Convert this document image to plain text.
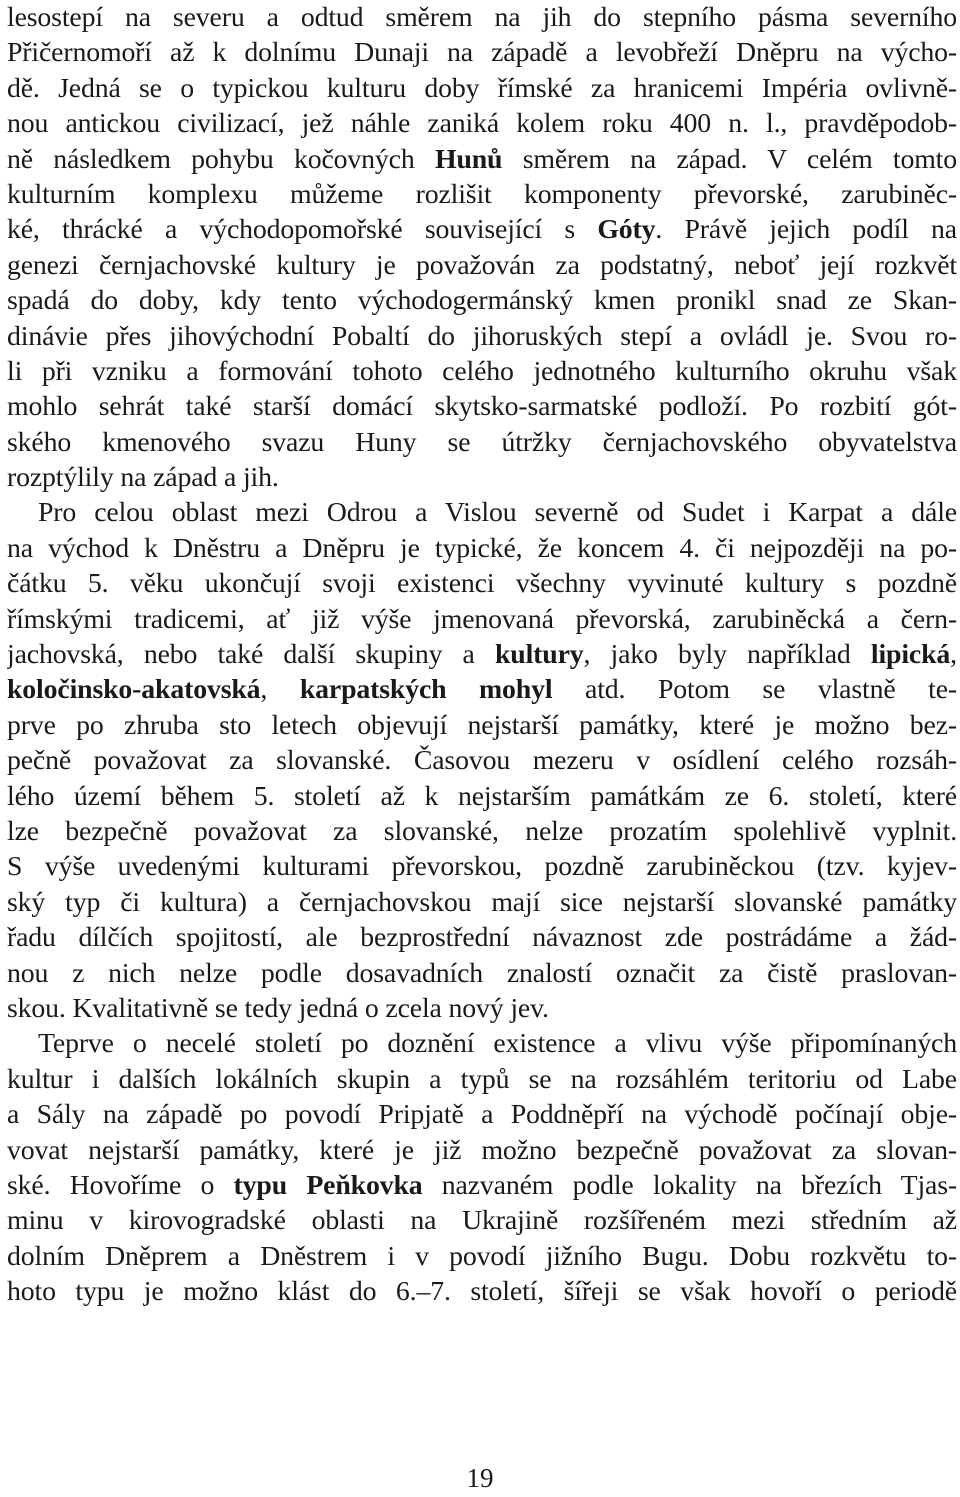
lesostepí na severu a odtud směrem na jih do stepního pásma severního
Přičernomoří až k dolnímu Dunaji na západě a levobřeží Dněpru na výcho-
dě. Jedná se o typickou kulturu doby římské za hranicemi Impéria ovlivně-
nou antickou civilizací, jež náhle zaniká kolem roku 400 n. l., pravděpodob-
ně následkem pohybu kočovných Hunů směrem na západ. V celém tomto
kulturním komplexu můžeme rozlišit komponenty převorské, zarubiněc-
ké, thrácké a východopomořské související s Góty. Právě jejich podíl na
genezi černjachovské kultury je považován za podstatný, neboť její rozkvět
spadá do doby, kdy tento východogermánský kmen pronikl snad ze Skan-
dinávie přes jihovýchodní Pobaltí do jihoruských stepí a ovládl je. Svou ro-
li při vzniku a formování tohoto celého jednotného kulturního okruhu však
mohlo sehrát také starší domácí skytsko-sarmatské podloží. Po rozbití gót-
ského kmenového svazu Huny se útržky černjachovského obyvatelstva
rozptýlily na západ a jih.
Pro celou oblast mezi Odrou a Vislou severně od Sudet i Karpat a dále
na východ k Dněstru a Dněpru je typické, že koncem 4. či nejpozději na po-
čátku 5. věku ukončují svoji existenci všechny vyvinuté kultury s pozdně
římskými tradicemi, ať již výše jmenovaná převorská, zarubiněcká a čern-
jachovská, nebo také další skupiny a kultury, jako byly například lipická,
koločinsko-akatovská, karpatských mohyl atd. Potom se vlastně te-
prve po zhruba sto letech objevují nejstarší památky, které je možno bez-
pečně považovat za slovanské. Časovou mezeru v osídlení celého rozsáh-
lého území během 5. století až k nejstarším památkám ze 6. století, které
lze bezpečně považovat za slovanské, nelze prozatím spolehlivě vyplnit.
S výše uvedenými kulturami převorskou, pozdně zarubiněckou (tzv. kyjev-
ský typ či kultura) a černjachovskou mají sice nejstarší slovanské památky
řadu dílčích spojitostí, ale bezprostřední návaznost zde postrádáme a žád-
nou z nich nelze podle dosavadních znalostí označit za čistě praslovan-
skou. Kvalitativně se tedy jedná o zcela nový jev.
Teprve o necelé století po doznění existence a vlivu výše připomínaných
kultur i dalších lokálních skupin a typů se na rozsáhlém teritoriu od Labe
a Sály na západě po povodí Pripjatě a Poddněpří na východě počínají obje-
vovat nejstarší památky, které je již možno bezpečně považovat za slovan-
ské. Hovoříme o typu Peňkovka nazvaném podle lokality na březích Tjas-
minu v kirovogradské oblasti na Ukrajině rozšířeném mezi středním až
dolním Dněprem a Dněstrem i v povodí jižního Bugu. Dobu rozkvětu to-
hoto typu je možno klást do 6.–7. století, šířeji se však hovoří o periodě
19
